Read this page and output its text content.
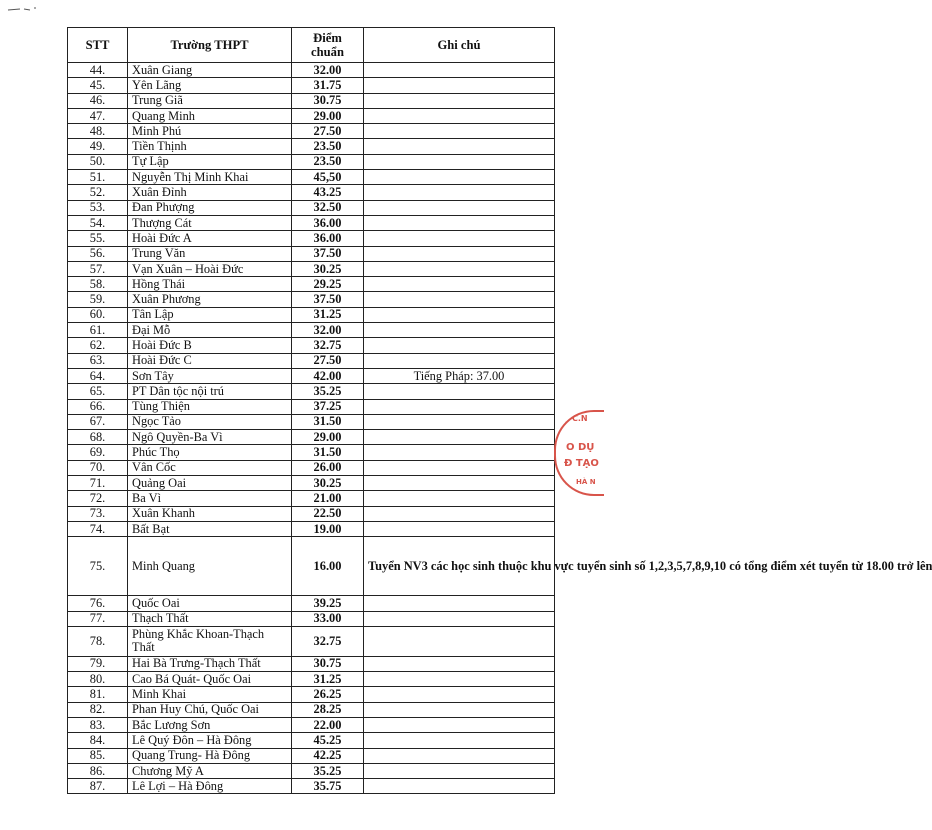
STT	Trường THPT	Điểm chuẩn	Ghi chú
44.	Xuân Giang	32.00	
45.	Yên Lãng	31.75	
46.	Trung Giã	30.75	
47.	Quang Minh	29.00	
48.	Minh Phú	27.50	
49.	Tiền Thịnh	23.50	
50.	Tự Lập	23.50	
51.	Nguyễn Thị Minh Khai	45,50	
52.	Xuân Đỉnh	43.25	
53.	Đan Phượng	32.50	
54.	Thượng Cát	36.00	
55.	Hoài Đức A	36.00	
56.	Trung Văn	37.50	
57.	Vạn Xuân – Hoài Đức	30.25	
58.	Hồng Thái	29.25	
59.	Xuân Phương	37.50	
60.	Tân Lập	31.25	
61.	Đại Mỗ	32.00	
62.	Hoài Đức B	32.75	
63.	Hoài Đức C	27.50	
64.	Sơn Tây	42.00	Tiếng Pháp: 37.00
65.	PT Dân tộc nội trú	35.25	
66.	Tùng Thiện	37.25	
67.	Ngọc Tảo	31.50	
68.	Ngô Quyền-Ba Vì	29.00	
69.	Phúc Thọ	31.50	
70.	Vân Cốc	26.00	
71.	Quảng Oai	30.25	
72.	Ba Vì	21.00	
73.	Xuân Khanh	22.50	
74.	Bất Bạt	19.00	
75.	Minh Quang	16.00	Tuyển NV3 các học sinh thuộc khu vực tuyển sinh số 1,2,3,5,7,8,9,10 có tổng điểm xét tuyển từ 18.00 trở lên
76.	Quốc Oai	39.25	
77.	Thạch Thất	33.00	
78.	Phùng Khắc Khoan-Thạch Thất	32.75	
79.	Hai Bà Trưng-Thạch Thất	30.75	
80.	Cao Bá Quát- Quốc Oai	31.25	
81.	Minh Khai	26.25	
82.	Phan Huy Chú, Quốc Oai	28.25	
83.	Bắc Lương Sơn	22.00	
84.	Lê Quý Đôn – Hà Đông	45.25	
85.	Quang Trung- Hà Đông	42.25	
86.	Chương Mỹ A	35.25	
87.	Lê Lợi – Hà Đông	35.75	
C.N
O DỤ
Ð TẠO
HÀ N
